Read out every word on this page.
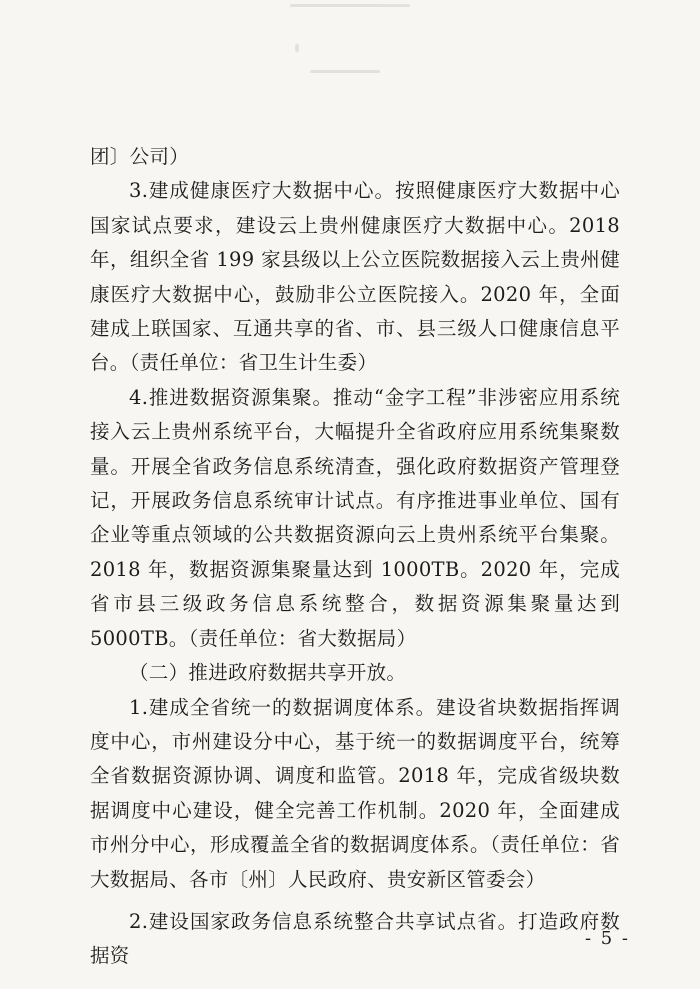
团〕公司）

3.建成健康医疗大数据中心。按照健康医疗大数据中心国家试点要求，建设云上贵州健康医疗大数据中心。2018 年，组织全省 199 家县级以上公立医院数据接入云上贵州健康医疗大数据中心，鼓励非公立医院接入。2020 年，全面建成上联国家、互通共享的省、市、县三级人口健康信息平台。（责任单位：省卫生计生委）

4.推进数据资源集聚。推动“金字工程”非涉密应用系统接入云上贵州系统平台，大幅提升全省政府应用系统集聚数量。开展全省政务信息系统清查，强化政府数据资产管理登记，开展政务信息系统审计试点。有序推进事业单位、国有企业等重点领域的公共数据资源向云上贵州系统平台集聚。2018 年，数据资源集聚量达到 1000TB。2020 年，完成省市县三级政务信息系统整合，数据资源集聚量达到 5000TB。（责任单位：省大数据局）

（二）推进政府数据共享开放。

1.建成全省统一的数据调度体系。建设省块数据指挥调度中心，市州建设分中心，基于统一的数据调度平台，统筹全省数据资源协调、调度和监管。2018 年，完成省级块数据调度中心建设，健全完善工作机制。2020 年，全面建成市州分中心，形成覆盖全省的数据调度体系。（责任单位：省大数据局、各市〔州〕人民政府、贵安新区管委会）

2.建设国家政务信息系统整合共享试点省。打造政府数据资

- 5 -
